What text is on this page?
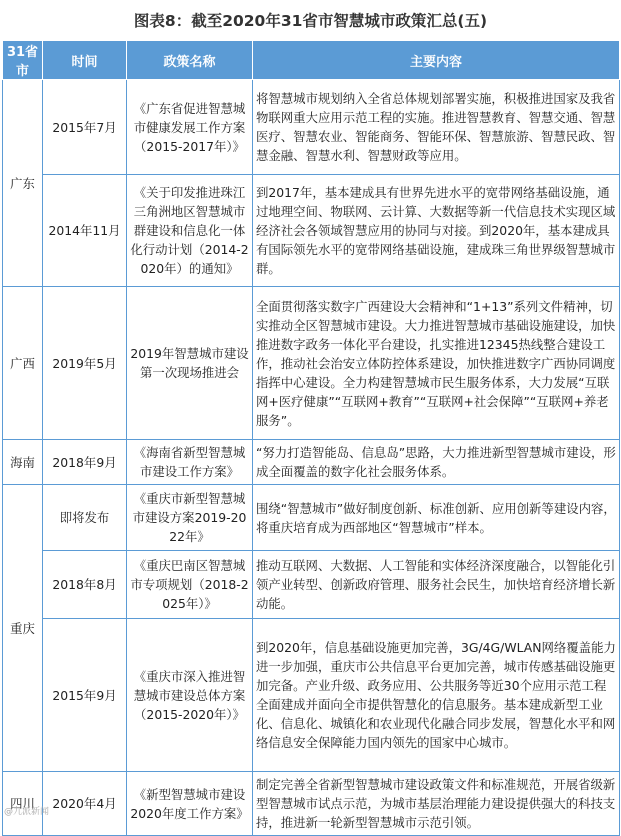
图表8：截至2020年31省市智慧城市政策汇总(五)
31省市	时间	政策名称	主要内容
广东	2015年7月	《广东省促进智慧城市健康发展工作方案（2015-2017年）》	将智慧城市规划纳入全省总体规划部署实施，积极推进国家及我省物联网重大应用示范工程的实施。推进智慧教育、智慧交通、智慧医疗、智慧农业、智能商务、智能环保、智慧旅游、智慧民政、智慧金融、智慧水利、智慧财政等应用。
	2014年11月	《关于印发推进珠江三角洲地区智慧城市群建设和信息化一体化行动计划（2014-2020年）的通知》	到2017年，基本建成具有世界先进水平的宽带网络基础设施，通过地理空间、物联网、云计算、大数据等新一代信息技术实现区域经济社会各领域智慧应用的协同与对接。到2020年，基本建成具有国际领先水平的宽带网络基础设施，建成珠三角世界级智慧城市群。
广西	2019年5月	2019年智慧城市建设第一次现场推进会	全面贯彻落实数字广西建设大会精神和“1+13”系列文件精神，切实推动全区智慧城市建设。大力推进智慧城市基础设施建设，加快推进数字政务一体化平台建设，扎实推进12345热线整合建设工作，推动社会治安立体防控体系建设，加快推进数字广西协同调度指挥中心建设。全力构建智慧城市民生服务体系，大力发展“互联网+医疗健康”“互联网+教育”“互联网+社会保障”“互联网+养老服务”。
海南	2018年9月	《海南省新型智慧城市建设工作方案》	“努力打造智能岛、信息岛”思路，大力推进新型智慧城市建设，形成全面覆盖的数字化社会服务体系。
重庆	即将发布	《重庆市新型智慧城市建设方案2019-2022年》	围绕“智慧城市”做好制度创新、标准创新、应用创新等建设内容，将重庆培育成为西部地区“智慧城市”样本。
	2018年8月	《重庆巴南区智慧城市专项规划（2018-2025年）》	推动互联网、大数据、人工智能和实体经济深度融合，以智能化引领产业转型、创新政府管理、服务社会民生，加快培育经济增长新动能。
	2015年9月	《重庆市深入推进智慧城市建设总体方案（2015-2020年）》	到2020年，信息基础设施更加完善，3G/4G/WLAN网络覆盖能力进一步加强，重庆市公共信息平台更加完善，城市传感基础设施更加完备。产业升级、政务应用、公共服务等近30个应用示范工程全面建成并面向全市提供智慧化的信息服务。基本建成新型工业化、信息化、城镇化和农业现代化融合同步发展，智慧化水平和网络信息安全保障能力国内领先的国家中心城市。
四川	2020年4月	《新型智慧城市建设2020年度工作方案》	制定完善全省新型智慧城市建设政策文件和标准规范，开展省级新型智慧城市试点示范，为城市基层治理能力建设提供强大的科技支持，推进新一轮新型智慧城市示范引领。
@九派新闻
